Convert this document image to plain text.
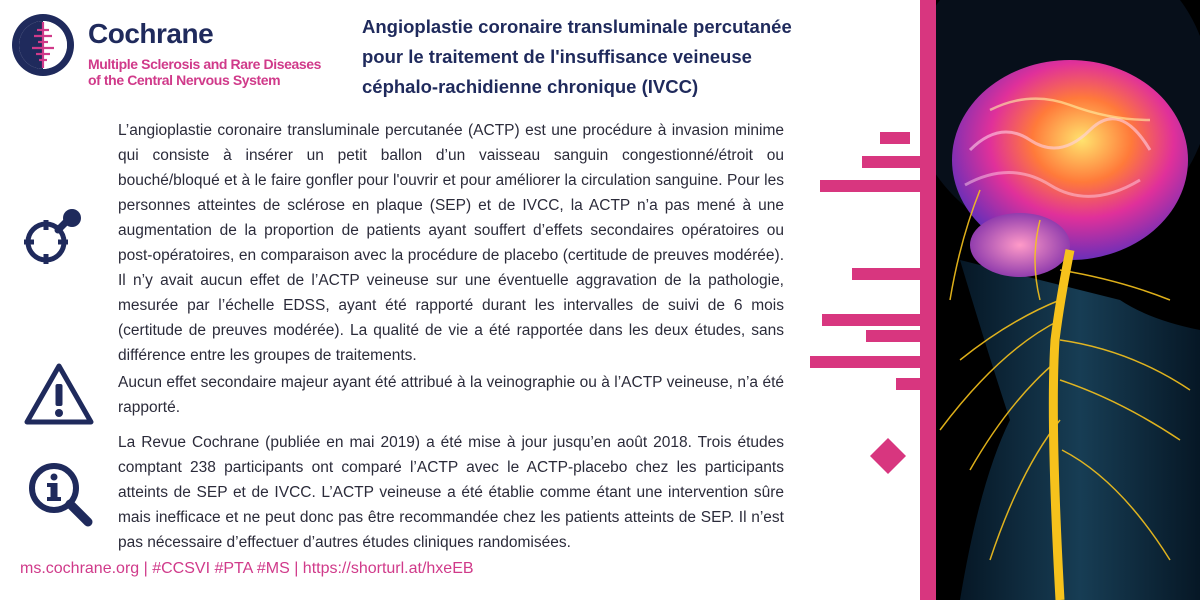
Cochrane
Multiple Sclerosis and Rare Diseases
of the Central Nervous System
Angioplastie coronaire transluminale percutanée
pour le traitement de l'insuffisance veineuse
céphalo-rachidienne chronique (IVCC)
L’angioplastie coronaire transluminale percutanée (ACTP) est une procédure à invasion minime qui consiste à insérer un petit ballon d’un vaisseau sanguin congestionné/étroit ou bouché/bloqué et à le faire gonfler pour l'ouvrir et pour améliorer la circulation sanguine. Pour les personnes atteintes de sclérose en plaque (SEP) et de IVCC, la ACTP n’a pas mené à une augmentation de la proportion de patients ayant souffert d’effets secondaires opératoires ou post-opératoires, en comparaison avec la procédure de placebo (certitude de preuves modérée). Il n’y avait aucun effet de l’ACTP veineuse sur une éventuelle aggravation de la pathologie, mesurée par l’échelle EDSS, ayant été rapporté durant les intervalles de suivi de 6 mois (certitude de preuves modérée). La qualité de vie a été rapportée dans les deux études, sans différence entre les groupes de traitements.
Aucun effet secondaire majeur ayant été attribué à la veinographie ou à l’ACTP veineuse, n’a été rapporté.
La Revue Cochrane (publiée en mai 2019) a été mise à jour jusqu’en août 2018. Trois études comptant 238 participants ont comparé l’ACTP avec le ACTP-placebo chez les participants atteints de SEP et de IVCC. L’ACTP veineuse a été établie comme étant une intervention sûre mais inefficace et ne peut donc pas être recommandée chez les patients atteints de SEP. Il n’est pas nécessaire d’effectuer d’autres études cliniques randomisées.
ms.cochrane.org | #CCSVI #PTA #MS | https://shorturl.at/hxeEB
